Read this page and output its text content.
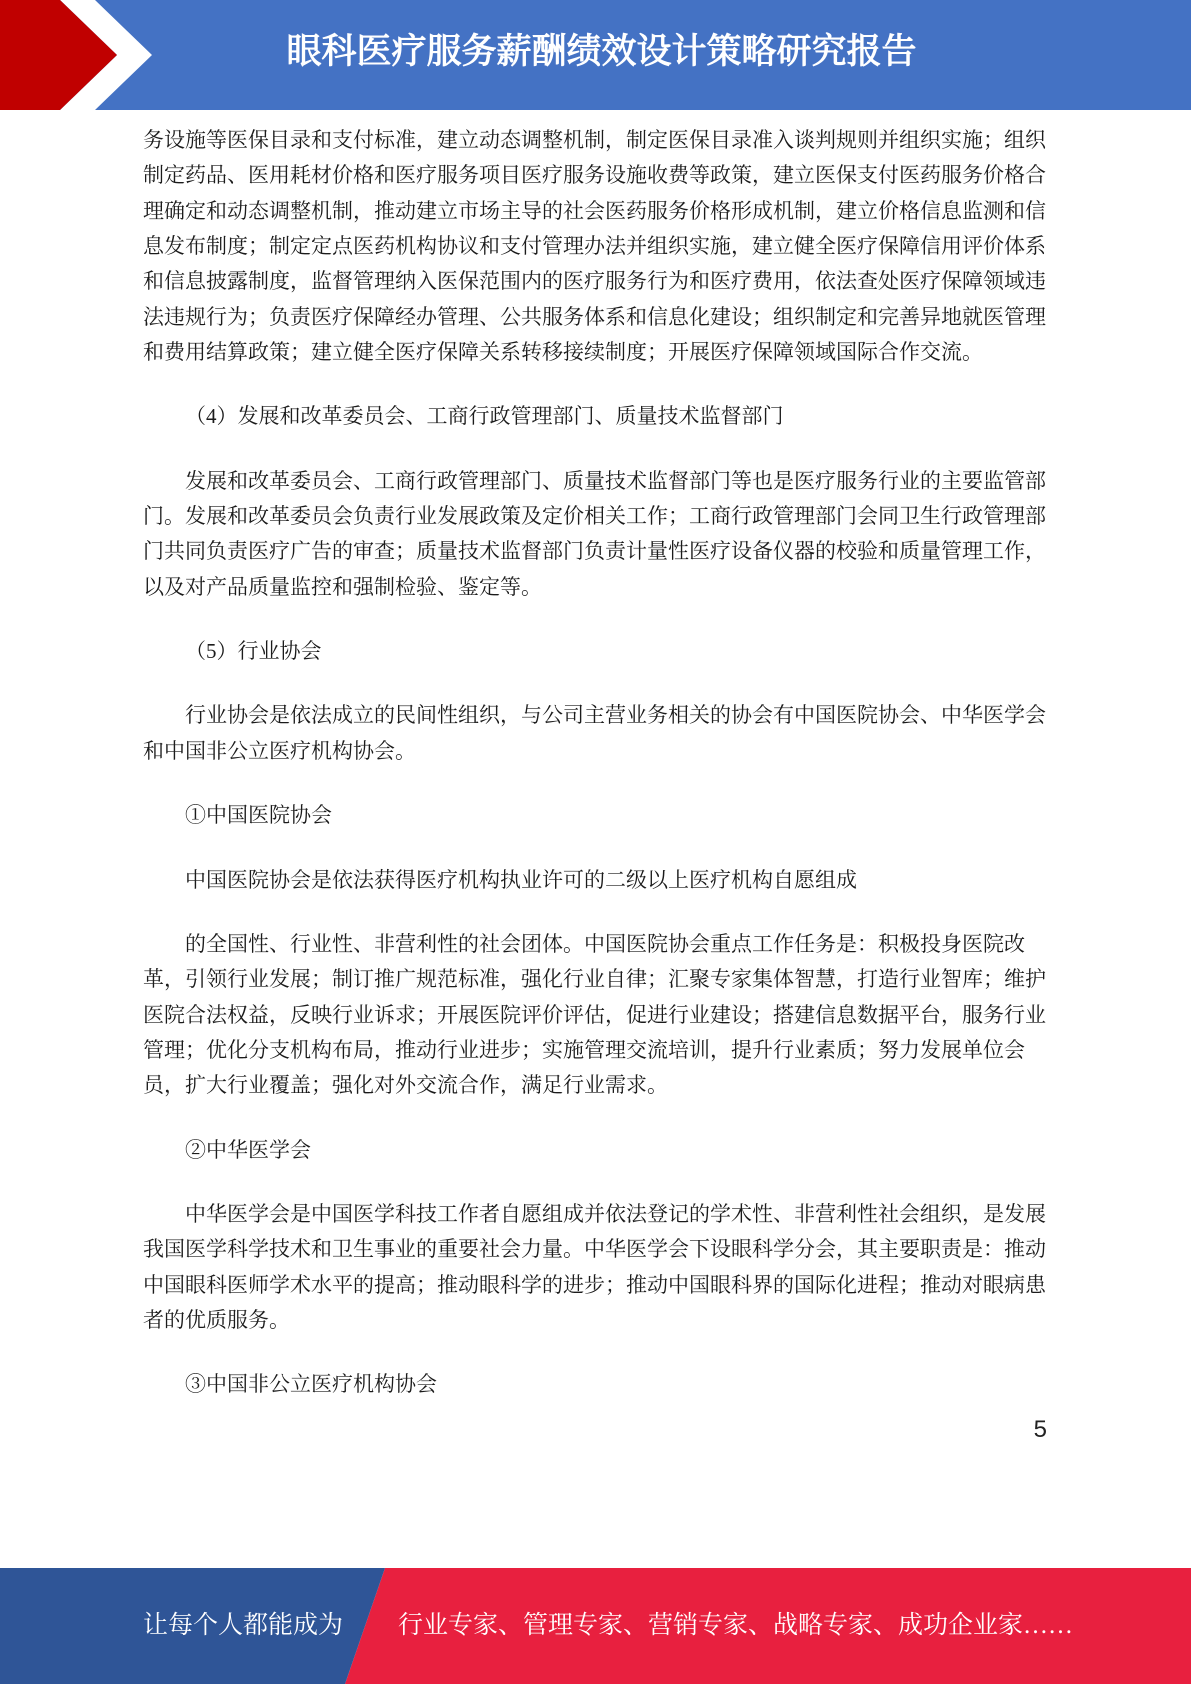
眼科医疗服务薪酬绩效设计策略研究报告
务设施等医保目录和支付标准，建立动态调整机制，制定医保目录准入谈判规则并组织实施；组织
制定药品、医用耗材价格和医疗服务项目医疗服务设施收费等政策，建立医保支付医药服务价格合
理确定和动态调整机制，推动建立市场主导的社会医药服务价格形成机制，建立价格信息监测和信
息发布制度；制定定点医药机构协议和支付管理办法并组织实施，建立健全医疗保障信用评价体系
和信息披露制度，监督管理纳入医保范围内的医疗服务行为和医疗费用，依法查处医疗保障领域违
法违规行为；负责医疗保障经办管理、公共服务体系和信息化建设；组织制定和完善异地就医管理
和费用结算政策；建立健全医疗保障关系转移接续制度；开展医疗保障领域国际合作交流。
（4）发展和改革委员会、工商行政管理部门、质量技术监督部门
发展和改革委员会、工商行政管理部门、质量技术监督部门等也是医疗服务行业的主要监管部
门。发展和改革委员会负责行业发展政策及定价相关工作；工商行政管理部门会同卫生行政管理部
门共同负责医疗广告的审查；质量技术监督部门负责计量性医疗设备仪器的校验和质量管理工作，
以及对产品质量监控和强制检验、鉴定等。
（5）行业协会
行业协会是依法成立的民间性组织，与公司主营业务相关的协会有中国医院协会、中华医学会
和中国非公立医疗机构协会。
①中国医院协会
中国医院协会是依法获得医疗机构执业许可的二级以上医疗机构自愿组成
的全国性、行业性、非营利性的社会团体。中国医院协会重点工作任务是：积极投身医院改
革，引领行业发展；制订推广规范标准，强化行业自律；汇聚专家集体智慧，打造行业智库；维护
医院合法权益，反映行业诉求；开展医院评价评估，促进行业建设；搭建信息数据平台，服务行业
管理；优化分支机构布局，推动行业进步；实施管理交流培训，提升行业素质；努力发展单位会
员，扩大行业覆盖；强化对外交流合作，满足行业需求。
②中华医学会
中华医学会是中国医学科技工作者自愿组成并依法登记的学术性、非营利性社会组织，是发展
我国医学科学技术和卫生事业的重要社会力量。中华医学会下设眼科学分会，其主要职责是：推动
中国眼科医师学术水平的提高；推动眼科学的进步；推动中国眼科界的国际化进程；推动对眼病患
者的优质服务。
③中国非公立医疗机构协会
5
让每个人都能成为 行业专家、管理专家、营销专家、战略专家、成功企业家……
